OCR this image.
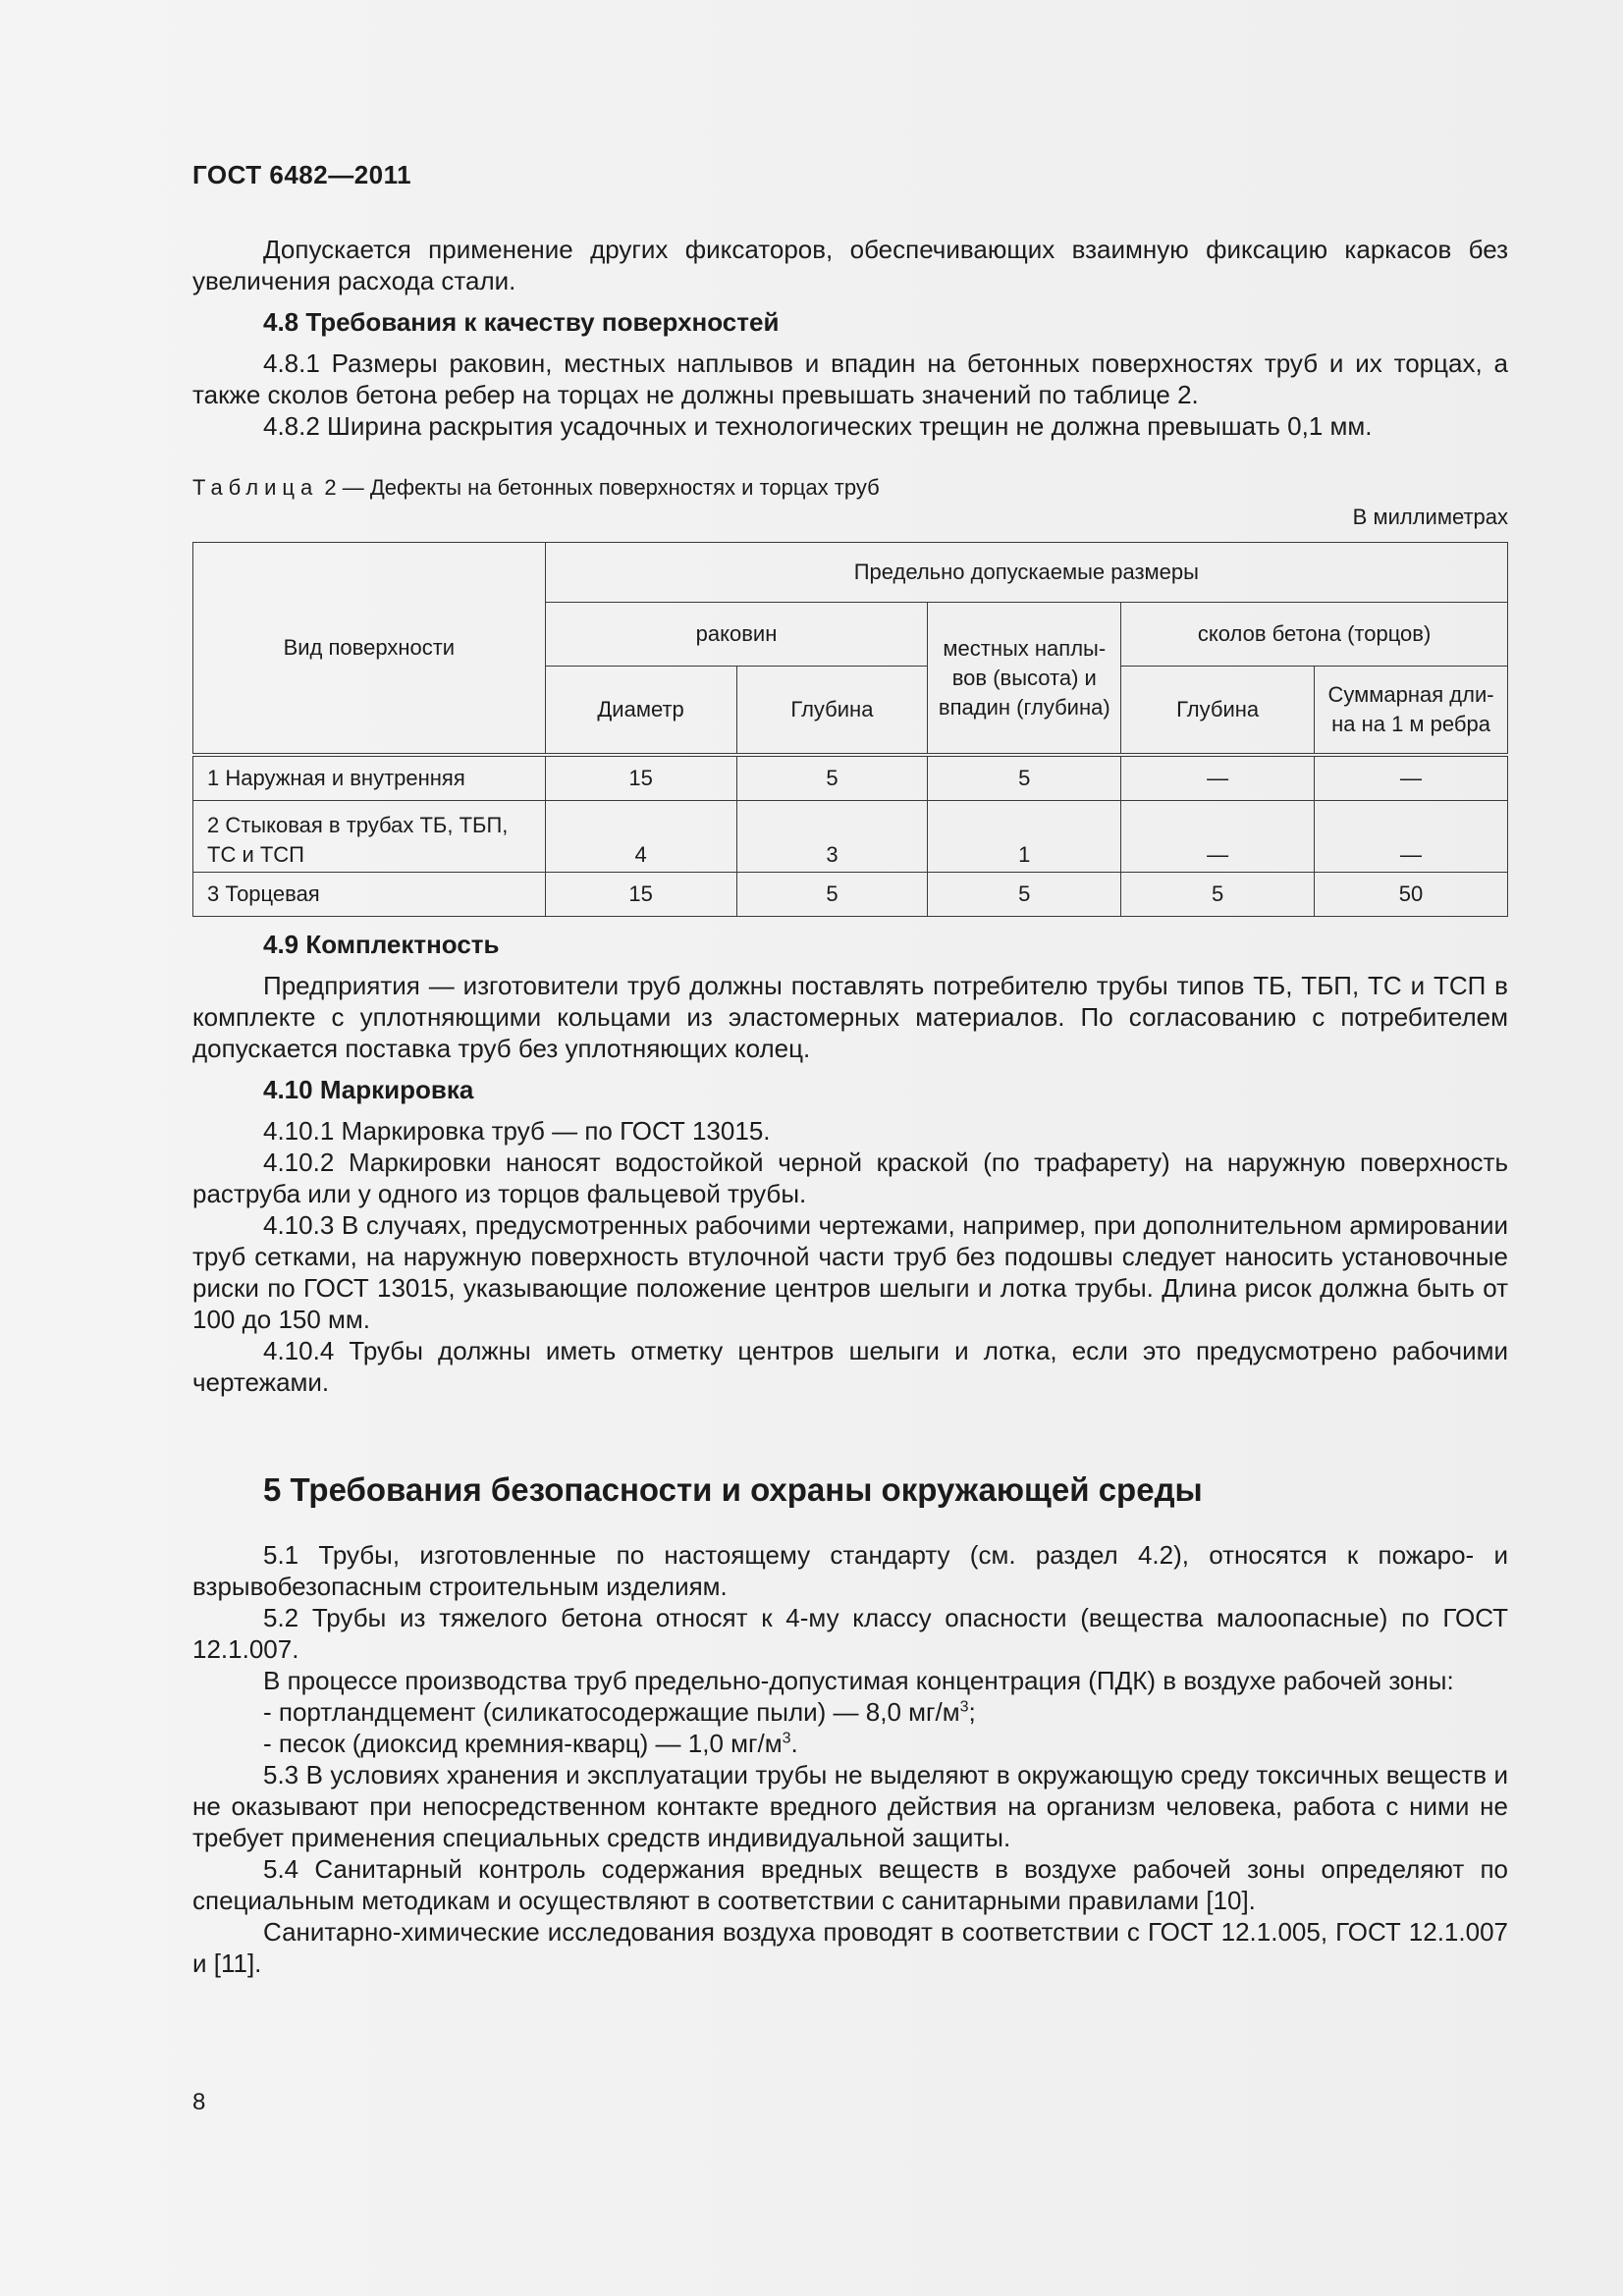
ГОСТ 6482—2011

Допускается применение других фиксаторов, обеспечивающих взаимную фиксацию каркасов без увеличения расхода стали.

4.8 Требования к качеству поверхностей

4.8.1 Размеры раковин, местных наплывов и впадин на бетонных поверхностях труб и их торцах, а также сколов бетона ребер на торцах не должны превышать значений по таблице 2.

4.8.2 Ширина раскрытия усадочных и технологических трещин не должна превышать 0,1 мм.

Таблица 2 — Дефекты на бетонных поверхностях и торцах труб

В миллиметрах

Вид поверхности	Предельно допускаемые размеры				
	раковин		местных наплы-вов (высота) и впадин (глубина)	сколов бетона (торцов)	
	Диаметр	Глубина		Глубина	Суммарная дли-на на 1 м ребра
1 Наружная и внутренняя	15	5	5	—	—
2 Стыковая в трубах ТБ, ТБП, ТС и ТСП	4	3	1	—	—
3 Торцевая	15	5	5	5	50

4.9 Комплектность

Предприятия — изготовители труб должны поставлять потребителю трубы типов ТБ, ТБП, ТС и ТСП в комплекте с уплотняющими кольцами из эластомерных материалов. По согласованию с потребителем допускается поставка труб без уплотняющих колец.

4.10 Маркировка

4.10.1 Маркировка труб — по ГОСТ 13015.

4.10.2 Маркировки наносят водостойкой черной краской (по трафарету) на наружную поверхность раструба или у одного из торцов фальцевой трубы.

4.10.3 В случаях, предусмотренных рабочими чертежами, например, при дополнительном армировании труб сетками, на наружную поверхность втулочной части труб без подошвы следует наносить установочные риски по ГОСТ 13015, указывающие положение центров шелыги и лотка трубы. Длина рисок должна быть от 100 до 150 мм.

4.10.4 Трубы должны иметь отметку центров шелыги и лотка, если это предусмотрено рабочими чертежами.

5 Требования безопасности и охраны окружающей среды

5.1 Трубы, изготовленные по настоящему стандарту (см. раздел 4.2), относятся к пожаро- и взрывобезопасным строительным изделиям.

5.2 Трубы из тяжелого бетона относят к 4-му классу опасности (вещества малоопасные) по ГОСТ 12.1.007.

В процессе производства труб предельно-допустимая концентрация (ПДК) в воздухе рабочей зоны:

- портландцемент (силикатосодержащие пыли) — 8,0 $мг/м^3$;

- песок (диоксид кремния-кварц) — 1,0 $мг/м^3$.

5.3 В условиях хранения и эксплуатации трубы не выделяют в окружающую среду токсичных веществ и не оказывают при непосредственном контакте вредного действия на организм человека, работа с ними не требует применения специальных средств индивидуальной защиты.

5.4 Санитарный контроль содержания вредных веществ в воздухе рабочей зоны определяют по специальным методикам и осуществляют в соответствии с санитарными правилами [10].

Санитарно-химические исследования воздуха проводят в соответствии с ГОСТ 12.1.005, ГОСТ 12.1.007 и [11].

8
